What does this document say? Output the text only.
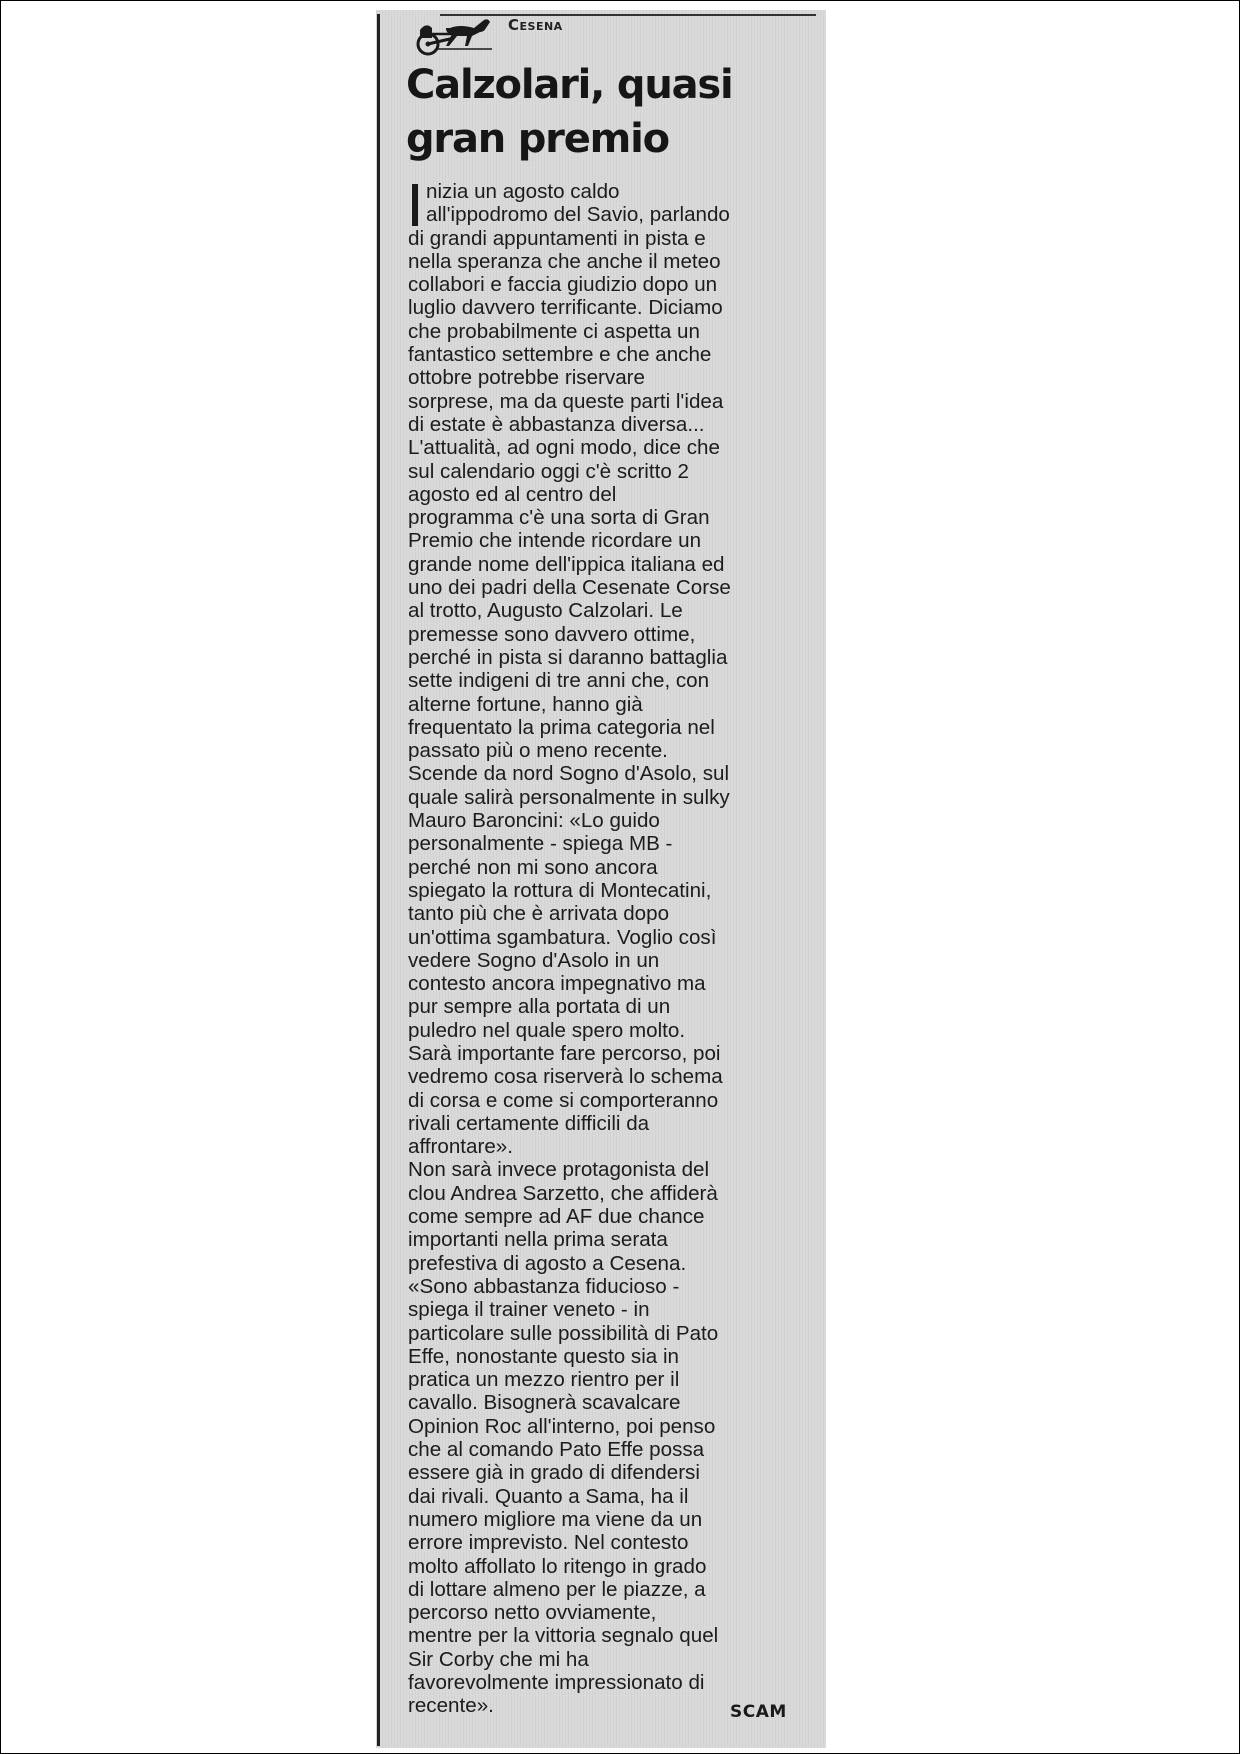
Cesena
Calzolari, quasi
gran premio
nizia un agosto caldo
all'ippodromo del Savio, parlando
di grandi appuntamenti in pista e
nella speranza che anche il meteo
collabori e faccia giudizio dopo un
luglio davvero terrificante. Diciamo
che probabilmente ci aspetta un
fantastico settembre e che anche
ottobre potrebbe riservare
sorprese, ma da queste parti l'idea
di estate è abbastanza diversa...
L'attualità, ad ogni modo, dice che
sul calendario oggi c'è scritto 2
agosto ed al centro del
programma c'è una sorta di Gran
Premio che intende ricordare un
grande nome dell'ippica italiana ed
uno dei padri della Cesenate Corse
al trotto, Augusto Calzolari. Le
premesse sono davvero ottime,
perché in pista si daranno battaglia
sette indigeni di tre anni che, con
alterne fortune, hanno già
frequentato la prima categoria nel
passato più o meno recente.
Scende da nord Sogno d'Asolo, sul
quale salirà personalmente in sulky
Mauro Baroncini: «Lo guido
personalmente - spiega MB -
perché non mi sono ancora
spiegato la rottura di Montecatini,
tanto più che è arrivata dopo
un'ottima sgambatura. Voglio così
vedere Sogno d'Asolo in un
contesto ancora impegnativo ma
pur sempre alla portata di un
puledro nel quale spero molto.
Sarà importante fare percorso, poi
vedremo cosa riserverà lo schema
di corsa e come si comporteranno
rivali certamente difficili da
affrontare».
Non sarà invece protagonista del
clou Andrea Sarzetto, che affiderà
come sempre ad AF due chance
importanti nella prima serata
prefestiva di agosto a Cesena.
«Sono abbastanza fiducioso -
spiega il trainer veneto - in
particolare sulle possibilità di Pato
Effe, nonostante questo sia in
pratica un mezzo rientro per il
cavallo. Bisognerà scavalcare
Opinion Roc all'interno, poi penso
che al comando Pato Effe possa
essere già in grado di difendersi
dai rivali. Quanto a Sama, ha il
numero migliore ma viene da un
errore imprevisto. Nel contesto
molto affollato lo ritengo in grado
di lottare almeno per le piazze, a
percorso netto ovviamente,
mentre per la vittoria segnalo quel
Sir Corby che mi ha
favorevolmente impressionato di
recente».	SCAM
